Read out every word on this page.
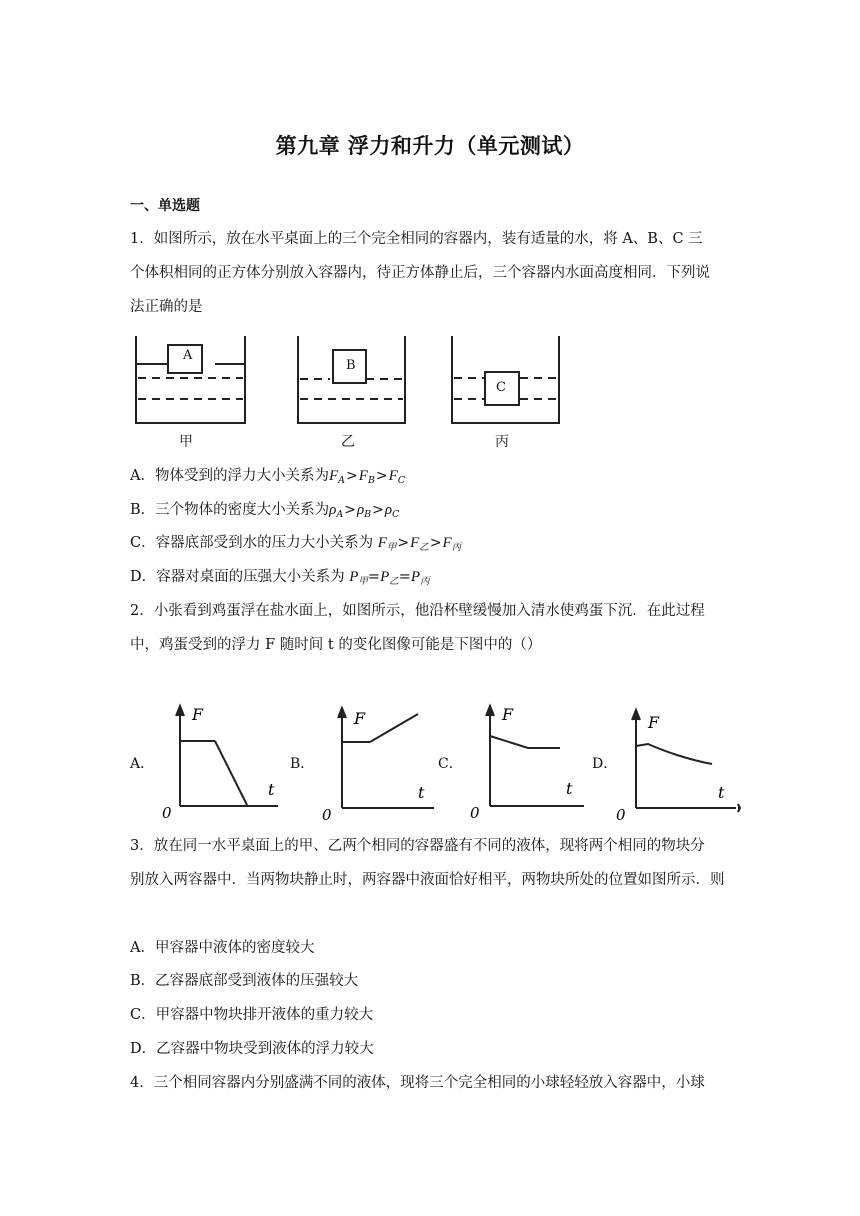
第九章 浮力和升力（单元测试）
一、单选题
1．如图所示，放在水平桌面上的三个完全相同的容器内，装有适量的水，将 A、B、C 三
个体积相同的正方体分别放入容器内，待正方体静止后，三个容器内水面高度相同．下列说
法正确的是
A
B
C
甲	乙	丙
A．物体受到的浮力大小关系为$F_A>F_B>F_C$
B．三个物体的密度大小关系为$\rho_A>\rho_B>\rho_C$
C．容器底部受到水的压力大小关系为 $F_甲>F_乙>F_丙$
D．容器对桌面的压强大小关系为 $P_甲=P_乙=P_丙$
2．小张看到鸡蛋浮在盐水面上，如图所示，他沿杯壁缓慢加入清水使鸡蛋下沉．在此过程
中，鸡蛋受到的浮力 F 随时间 t 的变化图像可能是下图中的（）
A．	B．	C．	D．
F
t
0
F
t
0
F
t
0
F
t
0
3．放在同一水平桌面上的甲、乙两个相同的容器盛有不同的液体，现将两个相同的物块分
别放入两容器中．当两物块静止时，两容器中液面恰好相平，两物块所处的位置如图所示．则
A．甲容器中液体的密度较大
B．乙容器底部受到液体的压强较大
C．甲容器中物块排开液体的重力较大
D．乙容器中物块受到液体的浮力较大
4．三个相同容器内分别盛满不同的液体，现将三个完全相同的小球轻轻放入容器中，小球
